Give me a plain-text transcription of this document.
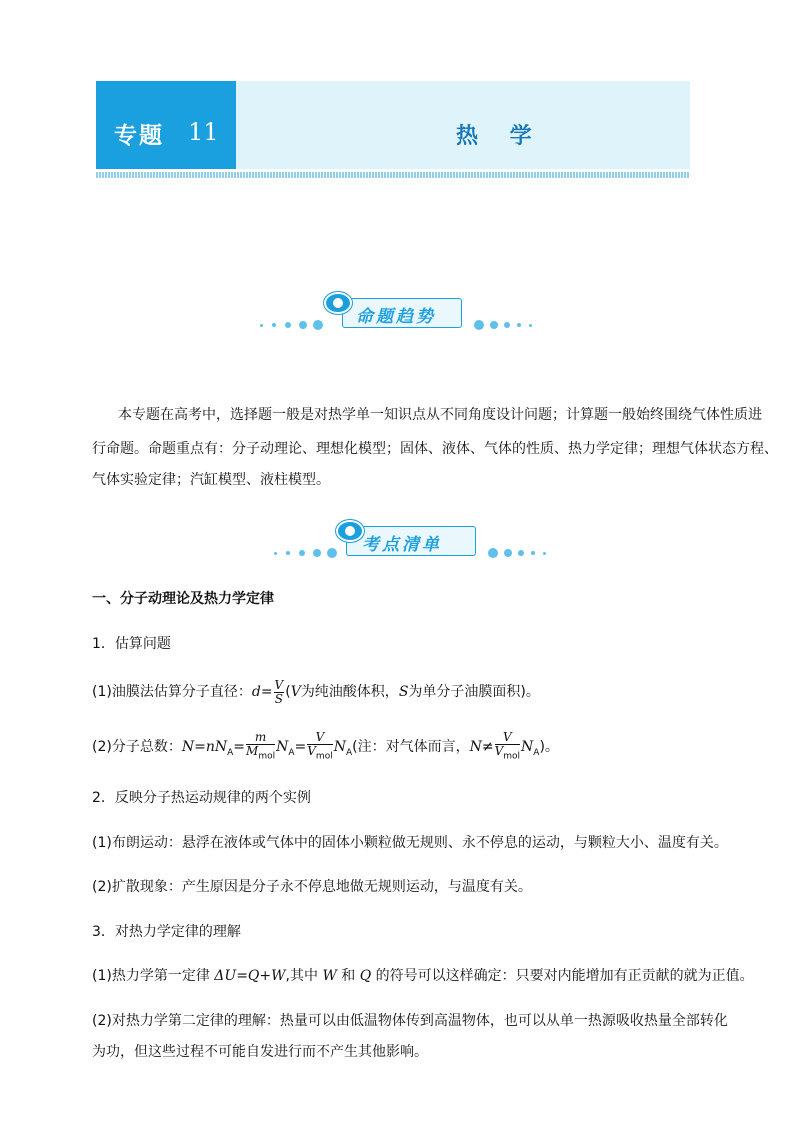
专题 11	热 学
命题趋势
本专题在高考中，选择题一般是对热学单一知识点从不同角度设计问题；计算题一般始终围绕气体性质进
行命题。命题重点有：分子动理论、理想化模型；固体、液体、气体的性质、热力学定律；理想气体状态方程、
气体实验定律；汽缸模型、液柱模型。
考点清单
一、分子动理论及热力学定律
1．估算问题
(1)油膜法估算分子直径：$d= \frac{V}{S} (V$为纯油酸体积，S为单分子油膜面积)。
(2)分子总数：$N=nN_A= \frac{m}{M_{mol}} N_A= \frac{V}{V_{mol}} N_A$(注：对气体而言，$N\ne \frac{V}{V_{mol}} N_A$)。
2．反映分子热运动规律的两个实例
(1)布朗运动：悬浮在液体或气体中的固体小颗粒做无规则、永不停息的运动，与颗粒大小、温度有关。
(2)扩散现象：产生原因是分子永不停息地做无规则运动，与温度有关。
3．对热力学定律的理解
(1)热力学第一定律 ΔU=Q+W,其中 W 和 Q 的符号可以这样确定：只要对内能增加有正贡献的就为正值。
(2)对热力学第二定律的理解：热量可以由低温物体传到高温物体，也可以从单一热源吸收热量全部转化
为功，但这些过程不可能自发进行而不产生其他影响。
